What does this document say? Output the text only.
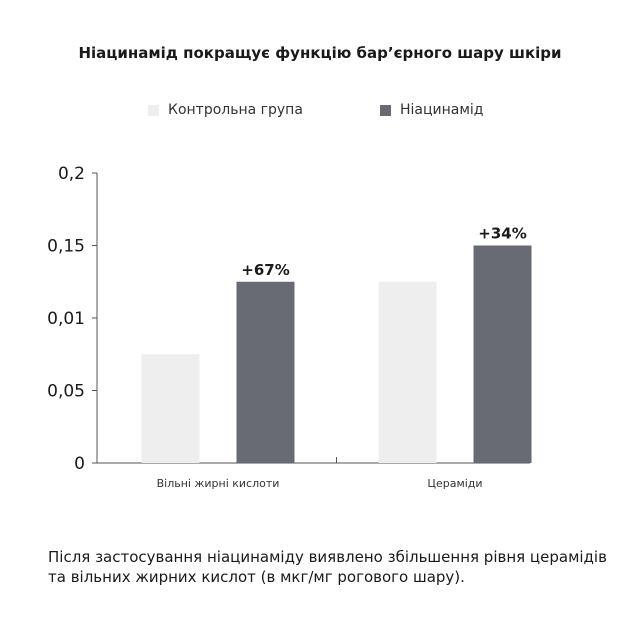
Ніацинамід покращує функцію бар’єрного шару шкіри
Контрольна група	Ніацинамід
0
0,05
0,01
0,15
0,2
+67%
Вільні жирні кислоти
+34%
Цераміди
Після застосування ніацинаміду виявлено збільшення рівня церамідів та вільних жирних кислот (в мкг/мг рогового шару).
